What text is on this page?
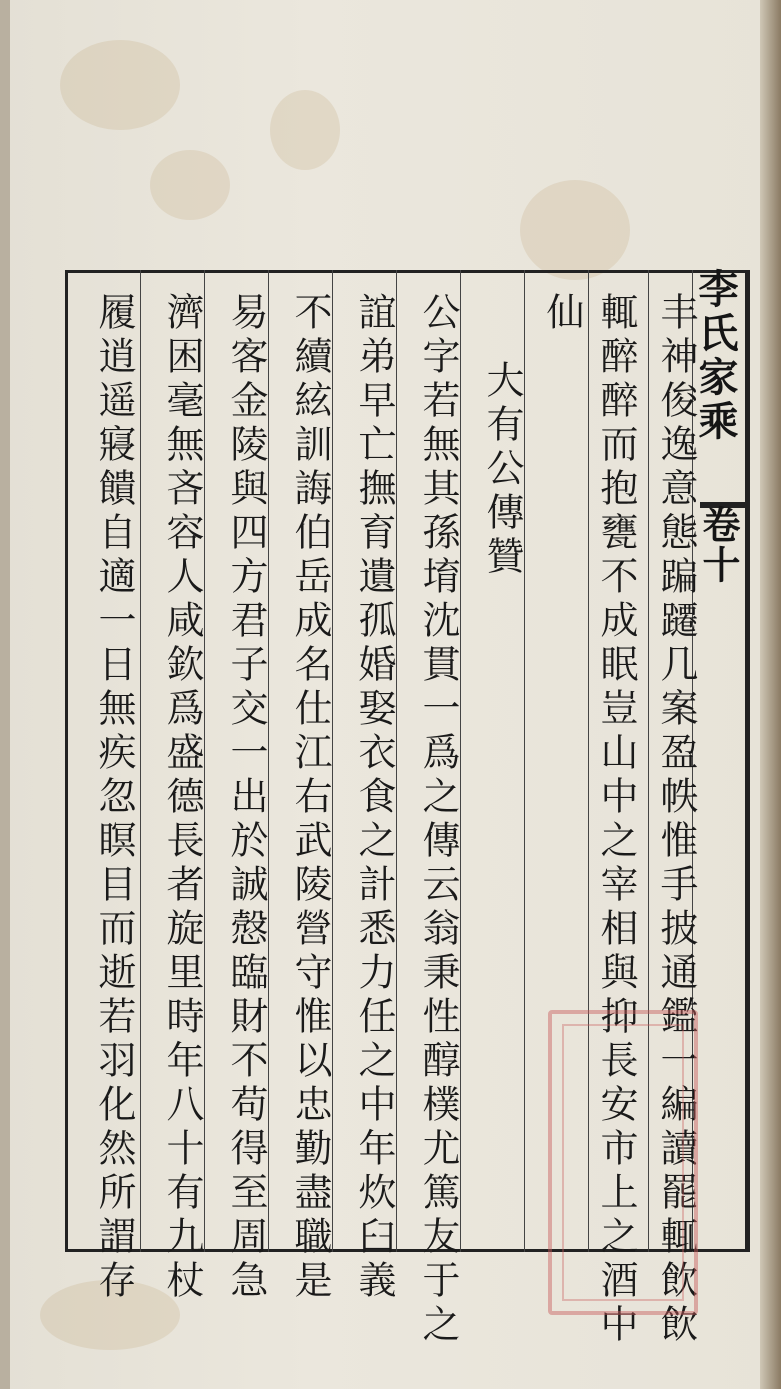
李氏家乘
卷十
丰神俊逸意態蹁躚几案盈帙惟手披通鑑一編讀罷輒飲飲
輒醉醉而抱甕不成眠豈山中之宰相與抑長安市上之酒中
仙
大有公傳贊
公字若無其孫堉沈貫一爲之傳云翁秉性醇樸尤篤友于之
誼弟早亡撫育遺孤婚娶衣食之計悉力任之中年炊臼義
不續絃訓誨伯岳成名仕江右武陵營守惟以忠勤盡職是
易客金陵與四方君子交一出於誠慤臨財不苟得至周急
濟困毫無吝容人咸欽爲盛德長者旋里時年八十有九杖
履逍遥寢饋自適一日無疾忽瞑目而逝若羽化然所謂存
